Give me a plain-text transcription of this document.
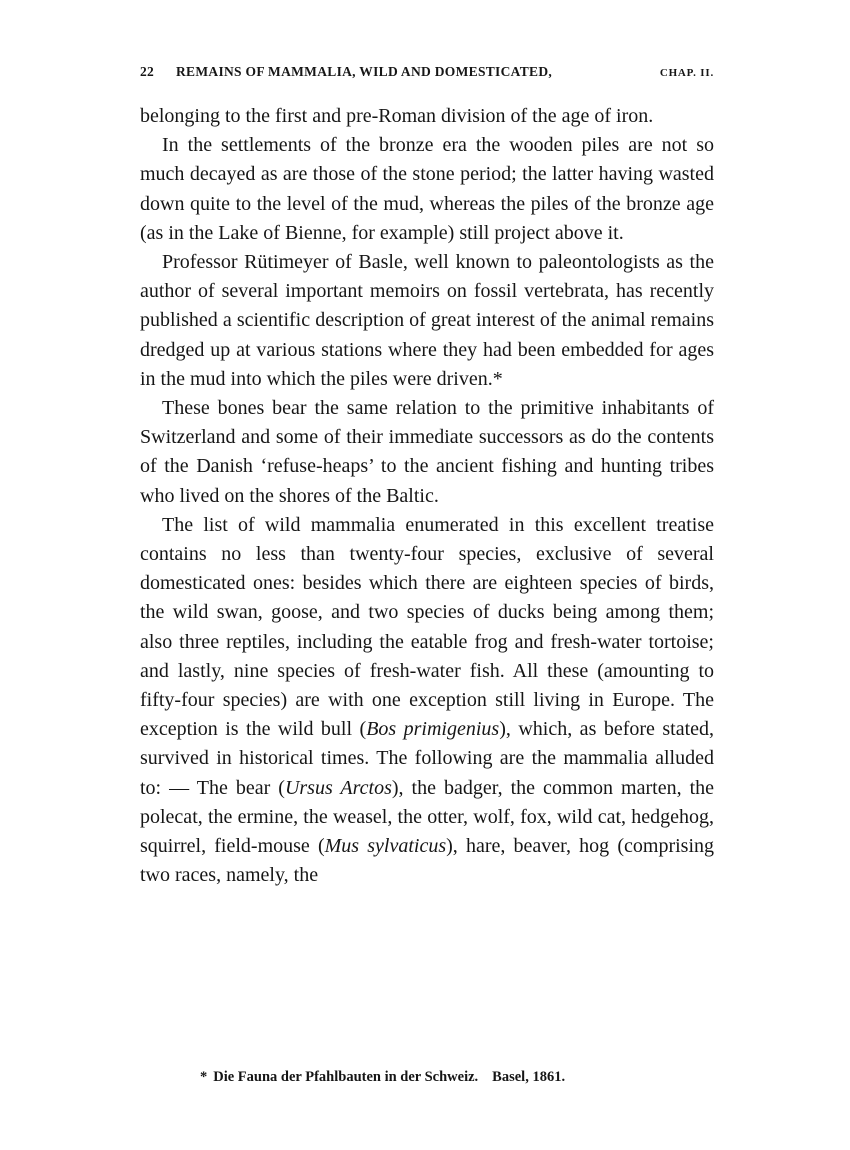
22	REMAINS OF MAMMALIA, WILD AND DOMESTICATED,	CHAP. II.

belonging to the first and pre-Roman division of the age of iron.

In the settlements of the bronze era the wooden piles are not so much decayed as are those of the stone period; the latter having wasted down quite to the level of the mud, whereas the piles of the bronze age (as in the Lake of Bienne, for example) still project above it.

Professor Rütimeyer of Basle, well known to paleontologists as the author of several important memoirs on fossil vertebrata, has recently published a scientific description of great interest of the animal remains dredged up at various stations where they had been embedded for ages in the mud into which the piles were driven.*

These bones bear the same relation to the primitive inhabitants of Switzerland and some of their immediate successors as do the contents of the Danish ‘refuse-heaps’ to the ancient fishing and hunting tribes who lived on the shores of the Baltic.

The list of wild mammalia enumerated in this excellent treatise contains no less than twenty-four species, exclusive of several domesticated ones: besides which there are eighteen species of birds, the wild swan, goose, and two species of ducks being among them; also three reptiles, including the eatable frog and fresh-water tortoise; and lastly, nine species of fresh-water fish. All these (amounting to fifty-four species) are with one exception still living in Europe. The exception is the wild bull (Bos primigenius), which, as before stated, survived in historical times. The following are the mammalia alluded to: — The bear (Ursus Arctos), the badger, the common marten, the polecat, the ermine, the weasel, the otter, wolf, fox, wild cat, hedgehog, squirrel, field-mouse (Mus sylvaticus), hare, beaver, hog (comprising two races, namely, the

* Die Fauna der Pfahlbauten in der Schweiz. Basel, 1861.
